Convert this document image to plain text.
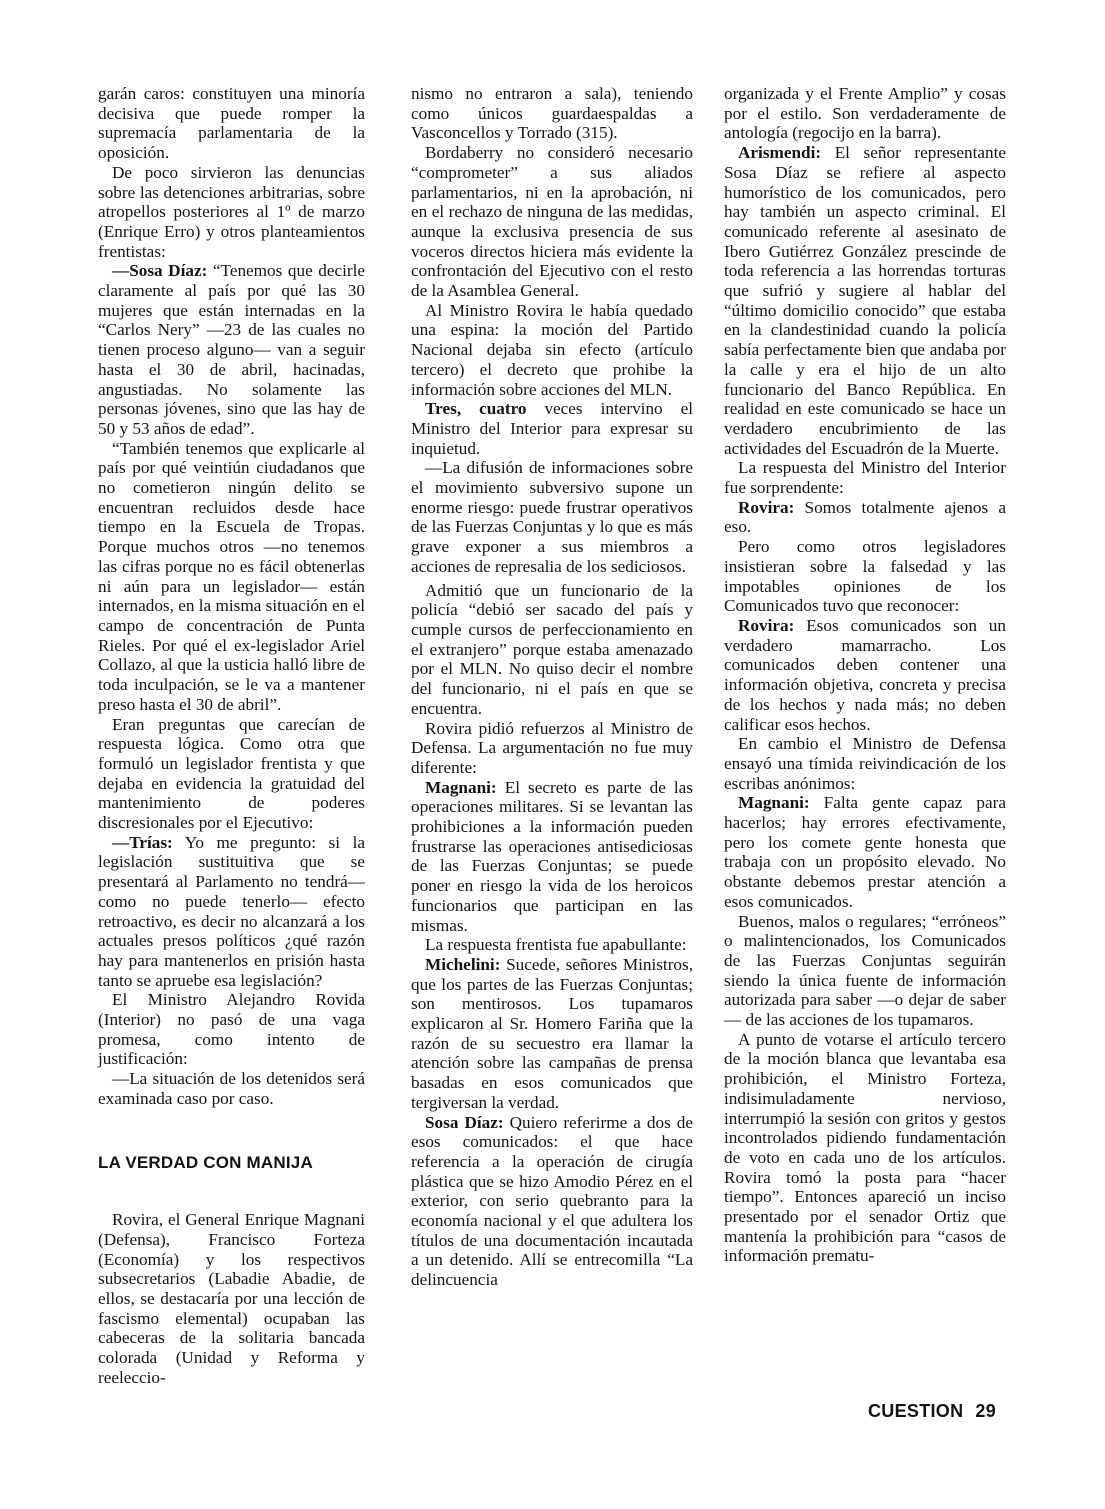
garán caros: constituyen una minoría decisiva que puede romper la supremacía parlamentaria de la oposición.

De poco sirvieron las denuncias sobre las detenciones arbitrarias, sobre atropellos posteriores al 1º de marzo (Enrique Erro) y otros planteamientos frentistas:

—Sosa Díaz: “Tenemos que decirle claramente al país por qué las 30 mujeres que están internadas en la “Carlos Nery” —23 de las cuales no tienen proceso alguno— van a seguir hasta el 30 de abril, hacinadas, angustiadas. No solamente las personas jóvenes, sino que las hay de 50 y 53 años de edad”.

“También tenemos que explicarle al país por qué veintiún ciudadanos que no cometieron ningún delito se encuentran recluidos desde hace tiempo en la Escuela de Tropas. Porque muchos otros —no tenemos las cifras porque no es fácil obtenerlas ni aún para un legislador— están internados, en la misma situación en el campo de concentración de Punta Rieles. Por qué el ex-legislador Ariel Collazo, al que la usticia halló libre de toda inculpación, se le va a mantener preso hasta el 30 de abril”.

Eran preguntas que carecían de respuesta lógica. Como otra que formuló un legislador frentista y que dejaba en evidencia la gratuidad del mantenimiento de poderes discresionales por el Ejecutivo:

—Trías: Yo me pregunto: si la legislación sustituitiva que se presentará al Parlamento no tendrá—como no puede tenerlo— efecto retroactivo, es decir no alcanzará a los actuales presos políticos ¿qué razón hay para mantenerlos en prisión hasta tanto se apruebe esa legislación?

El Ministro Alejandro Rovida (Interior) no pasó de una vaga promesa, como intento de justificación:

—La situación de los detenidos será examinada caso por caso.

LA VERDAD CON MANIJA

Rovira, el General Enrique Magnani (Defensa), Francisco Forteza (Economía) y los respectivos subsecretarios (Labadie Abadie, de ellos, se destacaría por una lección de fascismo elemental) ocupaban las cabeceras de la solitaria bancada colorada (Unidad y Reforma y reeleccio-

nismo no entraron a sala), teniendo como únicos guardaespaldas a Vasconcellos y Torrado (315).

Bordaberry no consideró necesario “comprometer” a sus aliados parlamentarios, ni en la aprobación, ni en el rechazo de ninguna de las medidas, aunque la exclusiva presencia de sus voceros directos hiciera más evidente la confrontación del Ejecutivo con el resto de la Asamblea General.

Al Ministro Rovira le había quedado una espina: la moción del Partido Nacional dejaba sin efecto (artículo tercero) el decreto que prohibe la información sobre acciones del MLN.

Tres, cuatro veces intervino el Ministro del Interior para expresar su inquietud.

—La difusión de informaciones sobre el movimiento subversivo supone un enorme riesgo: puede frustrar operativos de las Fuerzas Conjuntas y lo que es más grave exponer a sus miembros a acciones de represalia de los sediciosos.

Admitió que un funcionario de la policía “debió ser sacado del país y cumple cursos de perfeccionamiento en el extranjero” porque estaba amenazado por el MLN. No quiso decir el nombre del funcionario, ni el país en que se encuentra.

Rovira pidió refuerzos al Ministro de Defensa. La argumentación no fue muy diferente:

Magnani: El secreto es parte de las operaciones militares. Si se levantan las prohibiciones a la información pueden frustrarse las operaciones antisediciosas de las Fuerzas Conjuntas; se puede poner en riesgo la vida de los heroicos funcionarios que participan en las mismas.

La respuesta frentista fue apabullante:

Michelini: Sucede, señores Ministros, que los partes de las Fuerzas Conjuntas; son mentirosos. Los tupamaros explicaron al Sr. Homero Fariña que la razón de su secuestro era llamar la atención sobre las campañas de prensa basadas en esos comunicados que tergiversan la verdad.

Sosa Díaz: Quiero referirme a dos de esos comunicados: el que hace referencia a la operación de cirugía plástica que se hizo Amodio Pérez en el exterior, con serio quebranto para la economía nacional y el que adultera los títulos de una documentación incautada a un detenido. Allí se entrecomilla “La delincuencia

organizada y el Frente Amplio” y cosas por el estilo. Son verdaderamente de antología (regocijo en la barra).

Arismendi: El señor representante Sosa Díaz se refiere al aspecto humorístico de los comunicados, pero hay también un aspecto criminal. El comunicado referente al asesinato de Ibero Gutiérrez González prescinde de toda referencia a las horrendas torturas que sufrió y sugiere al hablar del “último domicilio conocido” que estaba en la clandestinidad cuando la policía sabía perfectamente bien que andaba por la calle y era el hijo de un alto funcionario del Banco República. En realidad en este comunicado se hace un verdadero encubrimiento de las actividades del Escuadrón de la Muerte.

La respuesta del Ministro del Interior fue sorprendente:

Rovira: Somos totalmente ajenos a eso.

Pero como otros legisladores insistieran sobre la falsedad y las impotables opiniones de los Comunicados tuvo que reconocer:

Rovira: Esos comunicados son un verdadero mamarracho. Los comunicados deben contener una información objetiva, concreta y precisa de los hechos y nada más; no deben calificar esos hechos.

En cambio el Ministro de Defensa ensayó una tímida reivindicación de los escribas anónimos:

Magnani: Falta gente capaz para hacerlos; hay errores efectivamente, pero los comete gente honesta que trabaja con un propósito elevado. No obstante debemos prestar atención a esos comunicados.

Buenos, malos o regulares; “erróneos” o malintencionados, los Comunicados de las Fuerzas Conjuntas seguirán siendo la única fuente de información autorizada para saber —o dejar de saber— de las acciones de los tupamaros.

A punto de votarse el artículo tercero de la moción blanca que levantaba esa prohibición, el Ministro Forteza, indisimuladamente nervioso, interrumpió la sesión con gritos y gestos incontrolados pidiendo fundamentación de voto en cada uno de los artículos. Rovira tomó la posta para “hacer tiempo”. Entonces apareció un inciso presentado por el senador Ortiz que mantenía la prohibición para “casos de información prematu-

CUESTION 29
